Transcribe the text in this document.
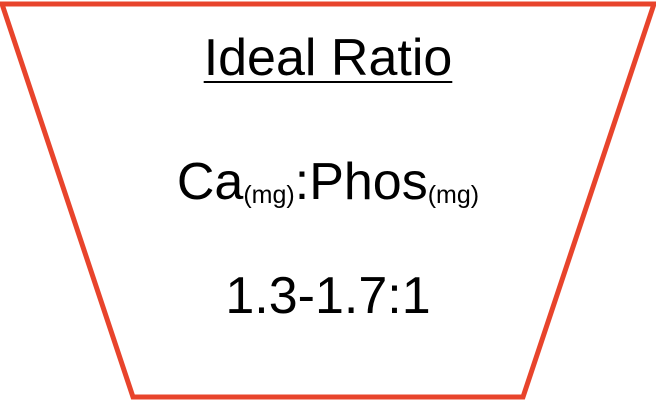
Ideal Ratio
Ca(mg):Phos(mg)
1.3-1.7:1
